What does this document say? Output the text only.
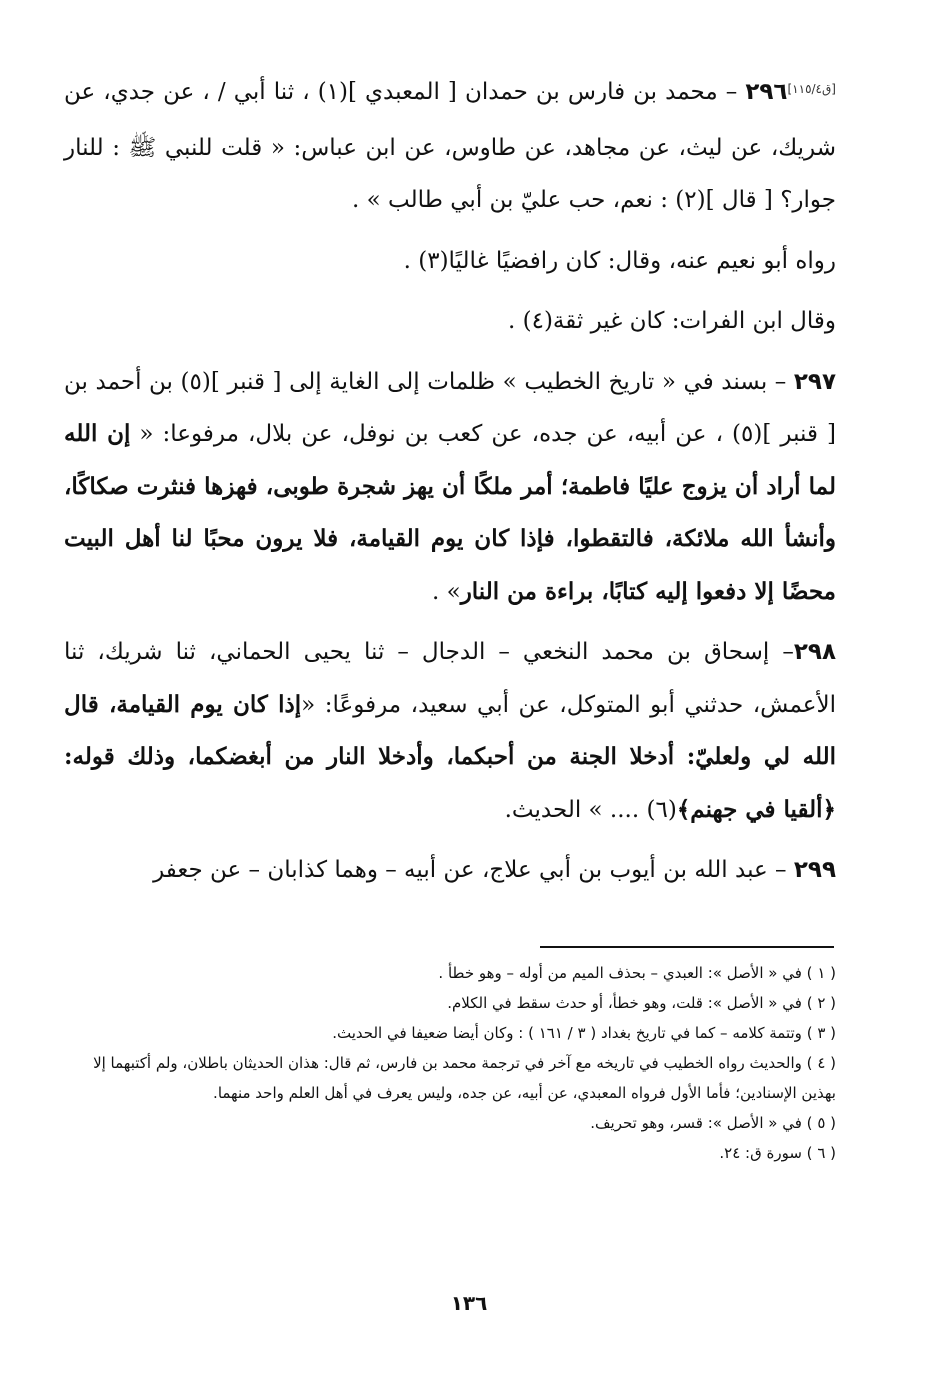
[ق١١٥/٤]٢٩٦ – محمد بن فارس بن حمدان [ المعبدي ](١) ، ثنا أبي / ، عن جدي، عن شريك، عن ليث، عن مجاهد، عن طاوس، عن ابن عباس: « قلت للنبي ﷺ : للنار جوار؟ [ قال ](٢) : نعم، حب عليّ بن أبي طالب » .

رواه أبو نعيم عنه، وقال: كان رافضيًا غاليًا(٣) .

وقال ابن الفرات: كان غير ثقة(٤) .

٢٩٧ – بسند في « تاريخ الخطيب » ظلمات إلى الغاية إلى [ قنبر ](٥) بن أحمد بن [ قنبر ](٥) ، عن أبيه، عن جده، عن كعب بن نوفل، عن بلال، مرفوعا: « إن الله لما أراد أن يزوج عليًا فاطمة؛ أمر ملكًا أن يهز شجرة طوبى، فهزها فنثرت صكاكًا، وأنشأ الله ملائكة، فالتقطوا، فإذا كان يوم القيامة، فلا يرون محبًا لنا أهل البيت محضًا إلا دفعوا إليه كتابًا، براءة من النار» .

٢٩٨– إسحاق بن محمد النخعي – الدجال – ثنا يحيى الحماني، ثنا شريك، ثنا الأعمش، حدثني أبو المتوكل، عن أبي سعيد، مرفوعًا: «إذا كان يوم القيامة، قال الله لي ولعليّ: أدخلا الجنة من أحبكما، وأدخلا النار من أبغضكما، وذلك قوله: ﴿ألقيا في جهنم﴾(٦) .... » الحديث.

٢٩٩ – عبد الله بن أيوب بن أبي علاج، عن أبيه – وهما كذابان – عن جعفر

( ١ ) في « الأصل »: العبدي – بحذف الميم من أوله – وهو خطأ .

( ٢ ) في « الأصل »: قلت، وهو خطأ، أو حدث سقط في الكلام.

( ٣ ) وتتمة كلامه – كما في تاريخ بغداد ( ٣ / ١٦١ ) : وكان أيضا ضعيفا في الحديث.

( ٤ ) والحديث رواه الخطيب في تاريخه مع آخر في ترجمة محمد بن فارس، ثم قال: هذان الحديثان باطلان، ولم أكتبهما إلا بهذين الإسنادين؛ فأما الأول فرواه المعبدي، عن أبيه، عن جده، وليس يعرف في أهل العلم واحد منهما.

( ٥ ) في « الأصل »: قسر، وهو تحريف.

( ٦ ) سورة ق: ٢٤.

١٣٦
